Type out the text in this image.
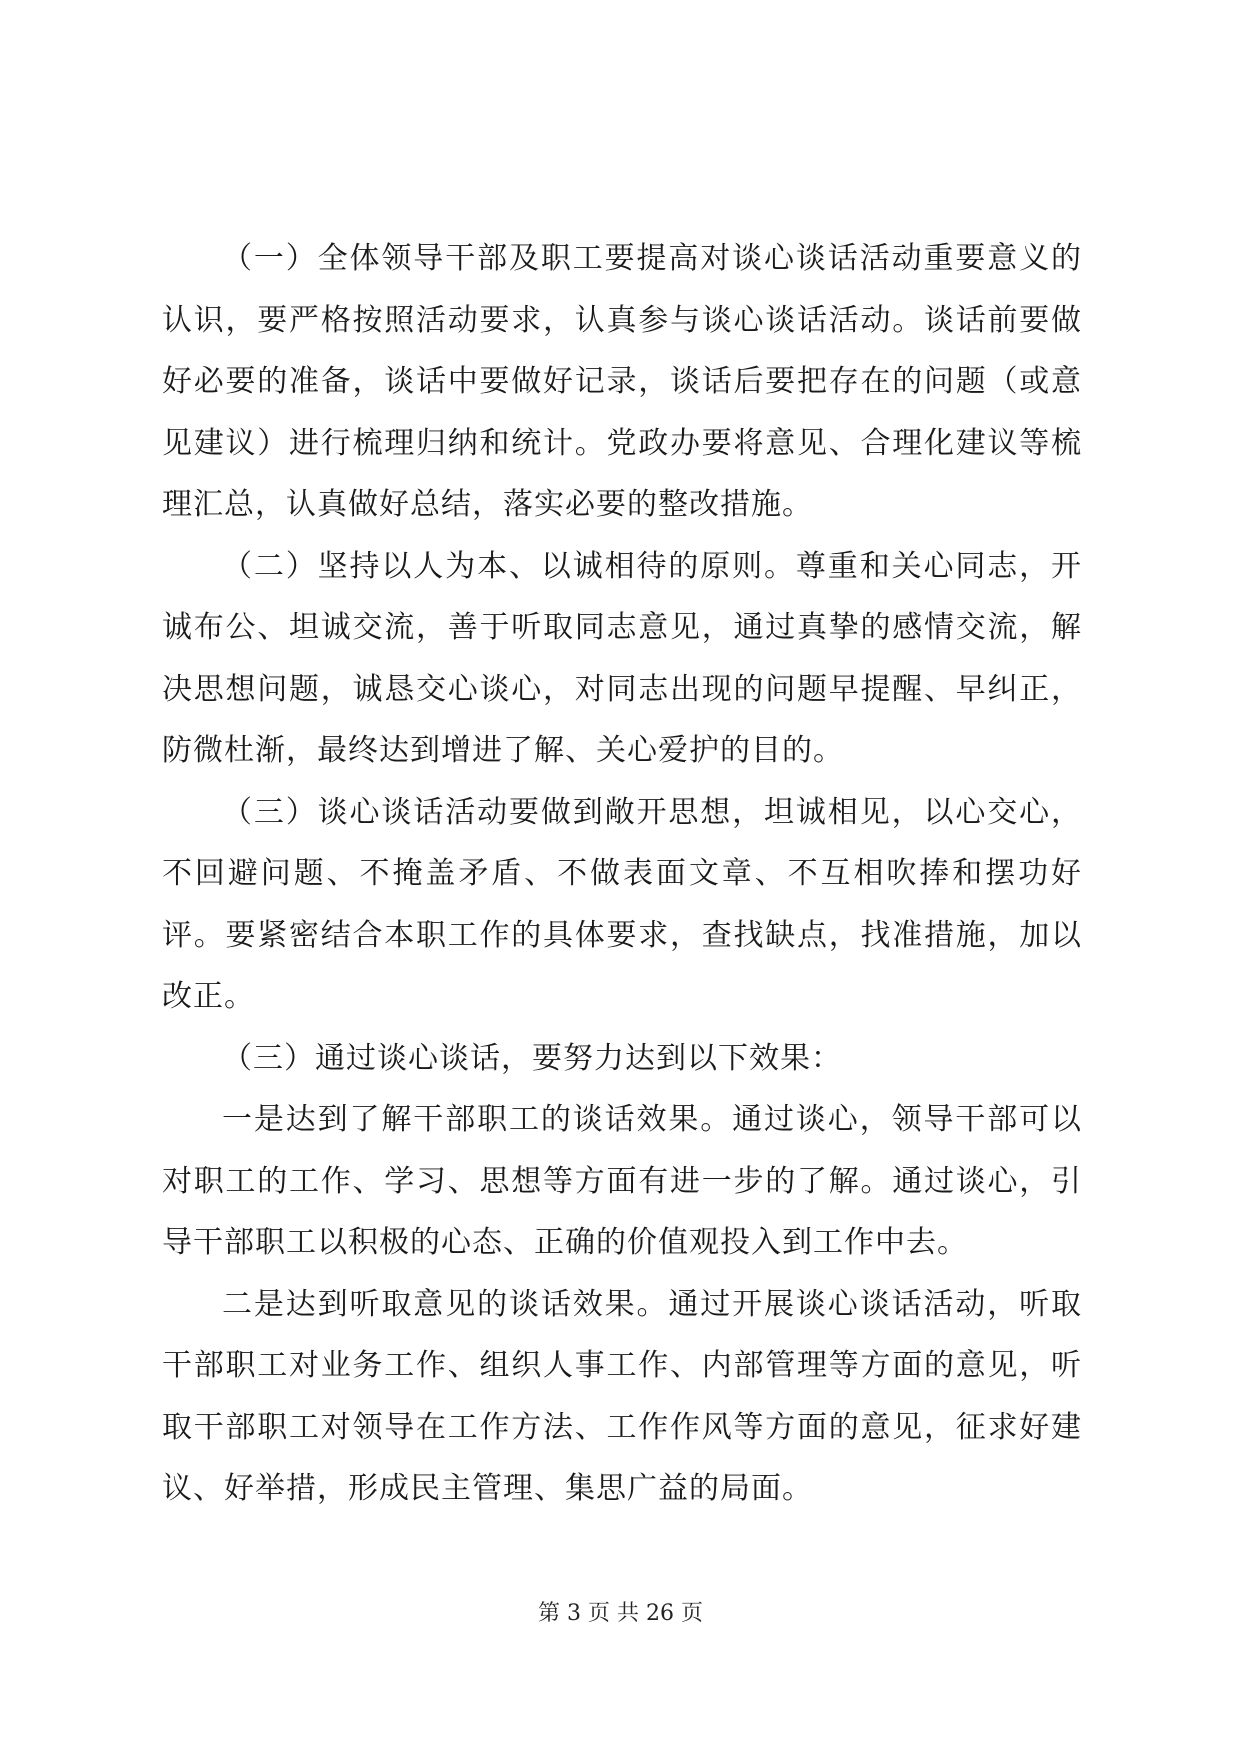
（一）全体领导干部及职工要提高对谈心谈话活动重要意义的认识，要严格按照活动要求，认真参与谈心谈话活动。谈话前要做好必要的准备，谈话中要做好记录，谈话后要把存在的问题（或意见建议）进行梳理归纳和统计。党政办要将意见、合理化建议等梳理汇总，认真做好总结，落实必要的整改措施。

（二）坚持以人为本、以诚相待的原则。尊重和关心同志，开诚布公、坦诚交流，善于听取同志意见，通过真挚的感情交流，解决思想问题，诚恳交心谈心，对同志出现的问题早提醒、早纠正，防微杜渐，最终达到增进了解、关心爱护的目的。

（三）谈心谈话活动要做到敞开思想，坦诚相见，以心交心，不回避问题、不掩盖矛盾、不做表面文章、不互相吹捧和摆功好评。要紧密结合本职工作的具体要求，查找缺点，找准措施，加以改正。

（三）通过谈心谈话，要努力达到以下效果：

一是达到了解干部职工的谈话效果。通过谈心，领导干部可以对职工的工作、学习、思想等方面有进一步的了解。通过谈心，引导干部职工以积极的心态、正确的价值观投入到工作中去。

二是达到听取意见的谈话效果。通过开展谈心谈话活动，听取干部职工对业务工作、组织人事工作、内部管理等方面的意见，听取干部职工对领导在工作方法、工作作风等方面的意见，征求好建议、好举措，形成民主管理、集思广益的局面。

第 3 页 共 26 页
